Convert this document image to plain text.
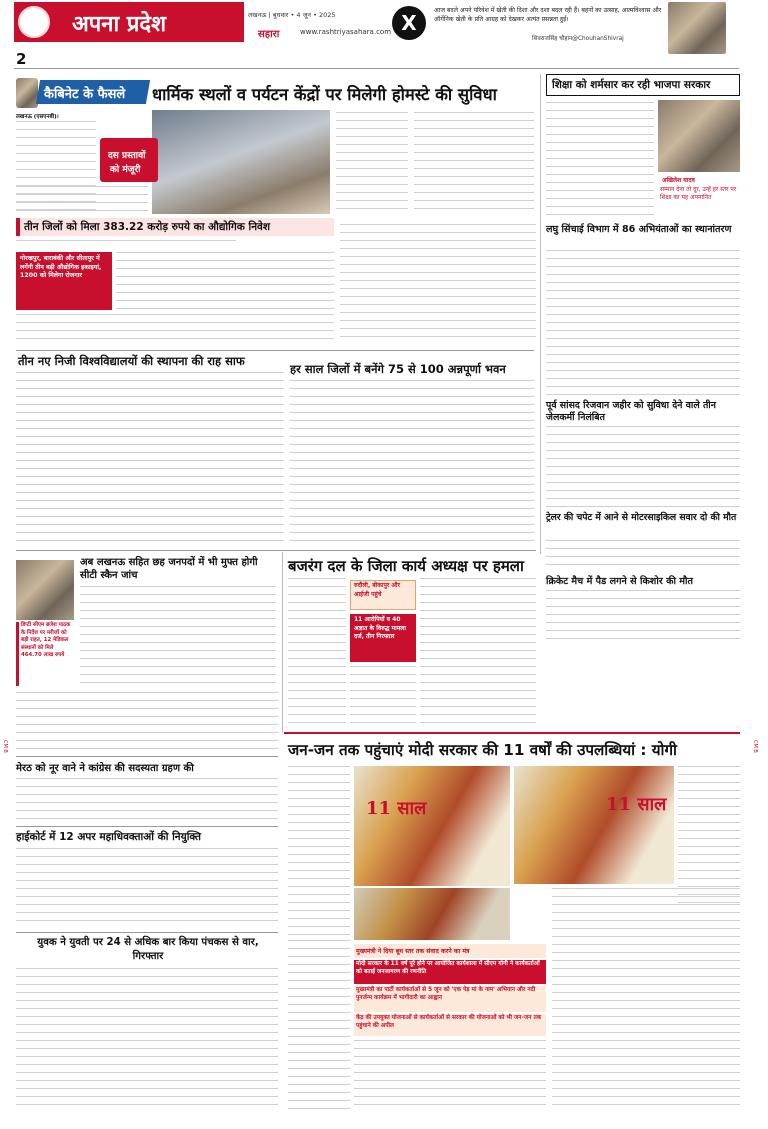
अपना प्रदेश
2
लखनऊ | बुधवार • 4 जून • 2025
सहारा	www.rashtriyasahara.com X
आज बदले अपने परिवेश में खेती की दिशा और दशा बदल रही हैं। बहनों का उत्साह, आत्मविश्वास और ऑर्गेनिक खेती के प्रति आग्रह को देखकर अत्यंत प्रसन्नता हुई।
शिवराजसिंह चौहान@ChouhanShivraj
कैबिनेट के फैसले धार्मिक स्थलों व पर्यटन केंद्रों पर मिलेगी होमस्टे की सुविधा
दस प्रस्तावों
को मंजूरी
लखनऊ (एसएनबी)।
तीन जिलों को मिला 383.22 करोड़ रुपये का औद्योगिक निवेश
गोरखपुर, बाराबंकी और सीतापुर में लगेंगी तीन बड़ी औद्योगिक इकाइयां, 1200 को मिलेगा रोजगार
तीन नए निजी विश्वविद्यालयों की स्थापना की राह साफ
हर साल जिलों में बनेंगे 75 से 100 अन्नपूर्णा भवन
शिक्षा को शर्मसार कर रही भाजपा सरकार
अखिलेश यादव
सम्मान देना तो दूर, उन्हें हर स्तर पर शिक्षा का यह अपमानित
लघु सिंचाई विभाग में 86 अभियंताओं का स्थानांतरण
पूर्व सांसद रिजवान जहीर को सुविधा देने वाले तीन जेलकर्मी निलंबित
ट्रेलर की चपेट में आने से मोटरसाइकिल सवार दो की मौत
क्रिकेट मैच में पैड लगने से किशोर की मौत
अब लखनऊ सहित छह जनपदों में भी मुफ्त होगी सीटी स्कैन जांच
डिप्टी सीएम ब्रजेश पाठक के निर्देश पर मरीजों को बड़ी राहत, 12 मेडिकल संस्थानों को मिले 464.70 लाख रुपये
बजरंग दल के जिला कार्य अध्यक्ष पर हमला
रुदौली, बीकापुर और आईजी पहुंचे
11 आरोपियों व 40 अज्ञात के विरुद्ध मामला दर्ज, तीन गिरफ्तार
जन-जन तक पहुंचाएं मोदी सरकार की 11 वर्षों की उपलब्धियां : योगी
11 साल	11 साल
मुख्यमंत्री ने दिया बूथ स्तर तक संवाद करने का मंत्र
मोदी सरकार के 11 वर्ष पूरे होने पर आयोजित कार्यशाला में सीएम योगी ने कार्यकर्ताओं को बताई जनजागरण की रणनीति
मुख्यमंत्री का पार्टी कार्यकर्ताओं से 5 जून को 'एक पेड़ मां के नाम' अभियान और नदी पुनर्जन्म कार्यक्रम में भागीदारी का आह्वान
केंद्र की उपयुक्त योजनाओं से कार्यकर्ताओं से सरकार की योजनाओं को भी जन-जन तक पहुंचाने की अपील
मेरठ को नूर वाने ने कांग्रेस की सदस्यता ग्रहण की
हाईकोर्ट में 12 अपर महाधिवक्ताओं की नियुक्ति
युवक ने युवती पर 24 से अधिक बार किया पंचकस से वार, गिरफ्तार
CM B	CM B
